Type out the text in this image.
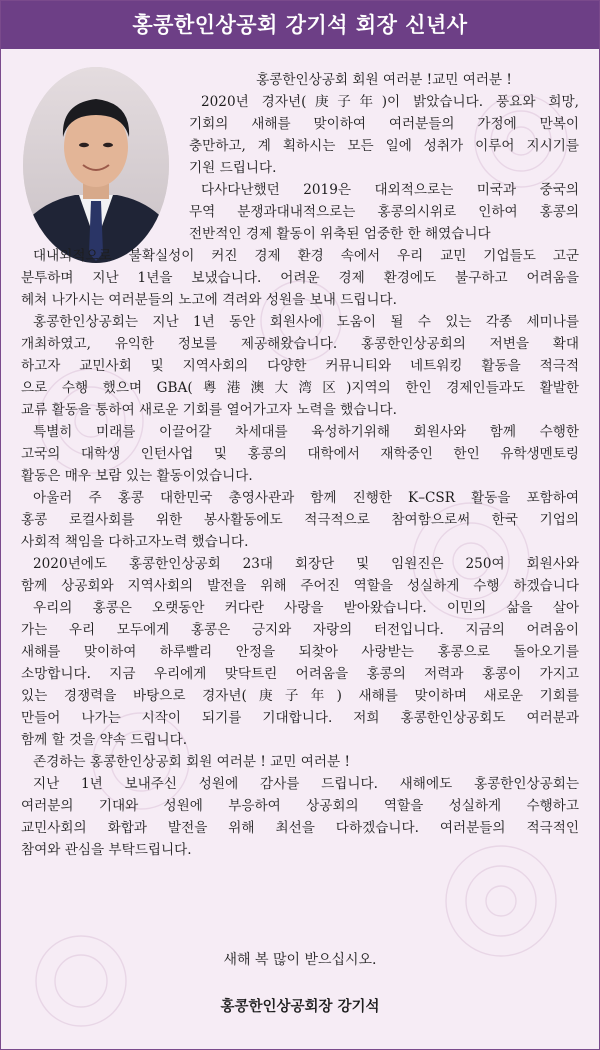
홍콩한인상공회 강기석 회장 신년사
홍콩한인상공회 회원 여러분 !교민 여러분 !
2020년 경자년(庚子年)이 밝았습니다. 풍요와 희망,
기회의 새해를 맞이하여 여러분들의 가정에 만복이
충만하고, 계 획하시는 모든 일에 성취가 이루어 지시기를
기원 드립니다.
다사다난했던 2019은 대외적으로는 미국과 중국의
무역 분쟁과대내적으로는 홍콩의시위로 인하여 홍콩의
전반적인 경제 활동이 위축된 엄중한 한 해였습니다
대내외적으로 불확실성이 커진 경제 환경 속에서 우리 교민 기업들도 고군
분투하며 지난 1년을 보냈습니다. 어려운 경제 환경에도 불구하고 어려움을
헤쳐 나가시는 여러분들의 노고에 격려와 성원을 보내 드립니다.
홍콩한인상공회는 지난 1년 동안 회원사에 도움이 될 수 있는 각종 세미나를
개최하였고, 유익한 정보를 제공해왔습니다. 홍콩한인상공회의 저변을 확대
하고자 교민사회 및 지역사회의 다양한 커뮤니티와 네트워킹 활동을 적극적
으로 수행 했으며 GBA(粵港澳大湾区)지역의 한인 경제인들과도 활발한
교류 활동을 통하여 새로운 기회를 열어가고자 노력을 했습니다.
특별히 미래를 이끌어갈 차세대를 육성하기위해 회원사와 함께 수행한
고국의 대학생 인턴사업 및 홍콩의 대학에서 재학중인 한인 유학생멘토링
활동은 매우 보람 있는 활동이었습니다.
아울러 주 홍콩 대한민국 총영사관과 함께 진행한 K–CSR 활동을 포함하여
홍콩 로컬사회를 위한 봉사활동에도 적극적으로 참여함으로써 한국 기업의
사회적 책임을 다하고자노력 했습니다.
2020년에도 홍콩한인상공회 23대 회장단 및 임원진은 250여 회원사와
함께 상공회와 지역사회의 발전을 위해 주어진 역할을 성실하게 수행 하겠습니다
우리의 홍콩은 오랫동안 커다란 사랑을 받아왔습니다. 이민의 삶을 살아
가는 우리 모두에게 홍콩은 긍지와 자랑의 터전입니다. 지금의 어려움이
새해를 맞이하여 하루빨리 안정을 되찾아 사랑받는 홍콩으로 돌아오기를
소망합니다. 지금 우리에게 맞닥트린 어려움을 홍콩의 저력과 홍콩이 가지고
있는 경쟁력을 바탕으로 경자년(庚子年) 새해를 맞이하며 새로운 기회를
만들어 나가는 시작이 되기를 기대합니다. 저희 홍콩한인상공회도 여러분과
함께 할 것을 약속 드립니다.
존경하는 홍콩한인상공회 회원 여러분 ! 교민 여러분 !
지난 1년 보내주신 성원에 감사를 드립니다. 새해에도 홍콩한인상공회는
여러분의 기대와 성원에 부응하여 상공회의 역할을 성실하게 수행하고
교민사회의 화합과 발전을 위해 최선을 다하겠습니다. 여러분들의 적극적인
참여와 관심을 부탁드립니다.
새해 복 많이 받으십시오.
홍콩한인상공회장 강기석
